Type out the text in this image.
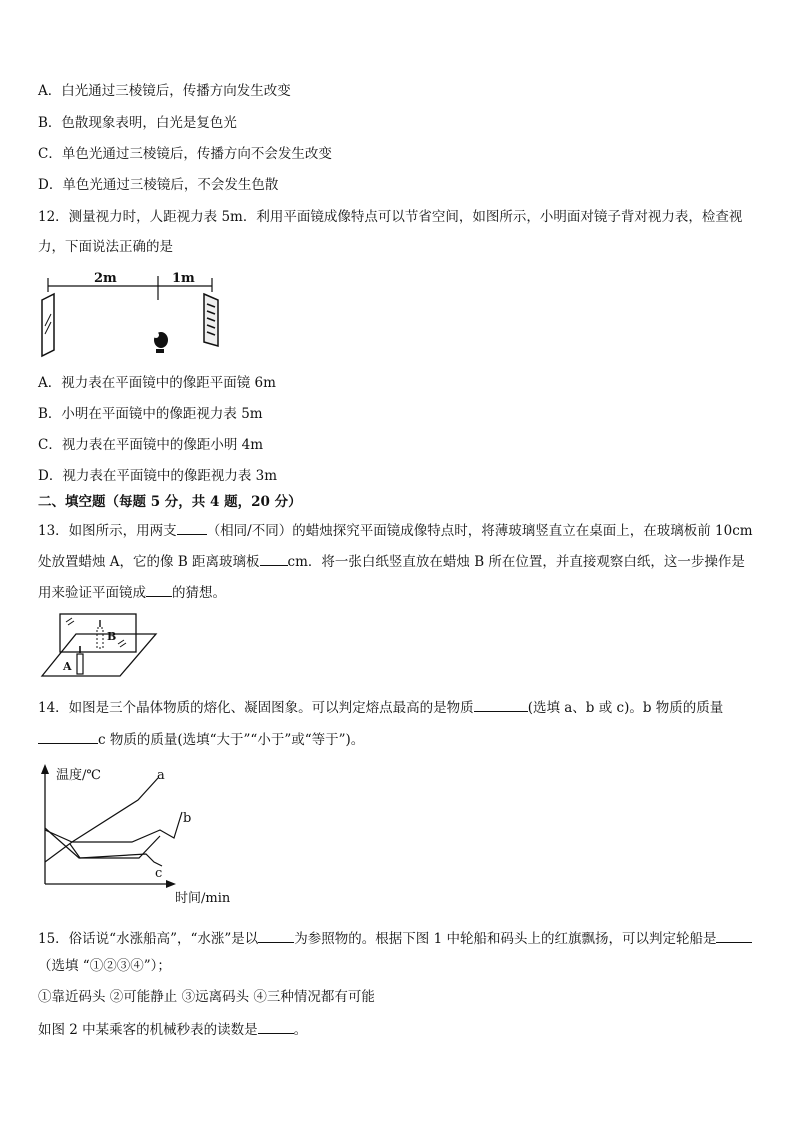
A．白光通过三棱镜后，传播方向发生改变
B．色散现象表明，白光是复色光
C．单色光通过三棱镜后，传播方向不会发生改变
D．单色光通过三棱镜后，不会发生色散
12．测量视力时，人距视力表 5m．利用平面镜成像特点可以节省空间，如图所示，小明面对镜子背对视力表，检查视
力，下面说法正确的是
2m	1m
A．视力表在平面镜中的像距平面镜 6m
B．小明在平面镜中的像距视力表 5m
C．视力表在平面镜中的像距小明 4m
D．视力表在平面镜中的像距视力表 3m
二、填空题（每题 5 分，共 4 题，20 分）
13．如图所示，用两支 （相同/不同）的蜡烛探究平面镜成像特点时，将薄玻璃竖直立在桌面上，在玻璃板前 10cm
处放置蜡烛 A，它的像 B 距离玻璃板 cm．将一张白纸竖直放在蜡烛 B 所在位置，并直接观察白纸，这一步操作是
用来验证平面镜成 的猜想。
B
A
14．如图是三个晶体物质的熔化、凝固图象。可以判定熔点最高的是物质	(选填 a、b 或 c)。b 物质的质量
c 物质的质量(选填“大于”“小于”或“等于”)。
温度/℃
时间/min
a
b
c
15．俗话说“水涨船高”，“水涨”是以	为参照物的。根据下图 1 中轮船和码头上的红旗飘扬，可以判定轮船是
（选填 “①②③④”）；
①靠近码头 ②可能静止 ③远离码头 ④三种情况都有可能
如图 2 中某乘客的机械秒表的读数是	。
